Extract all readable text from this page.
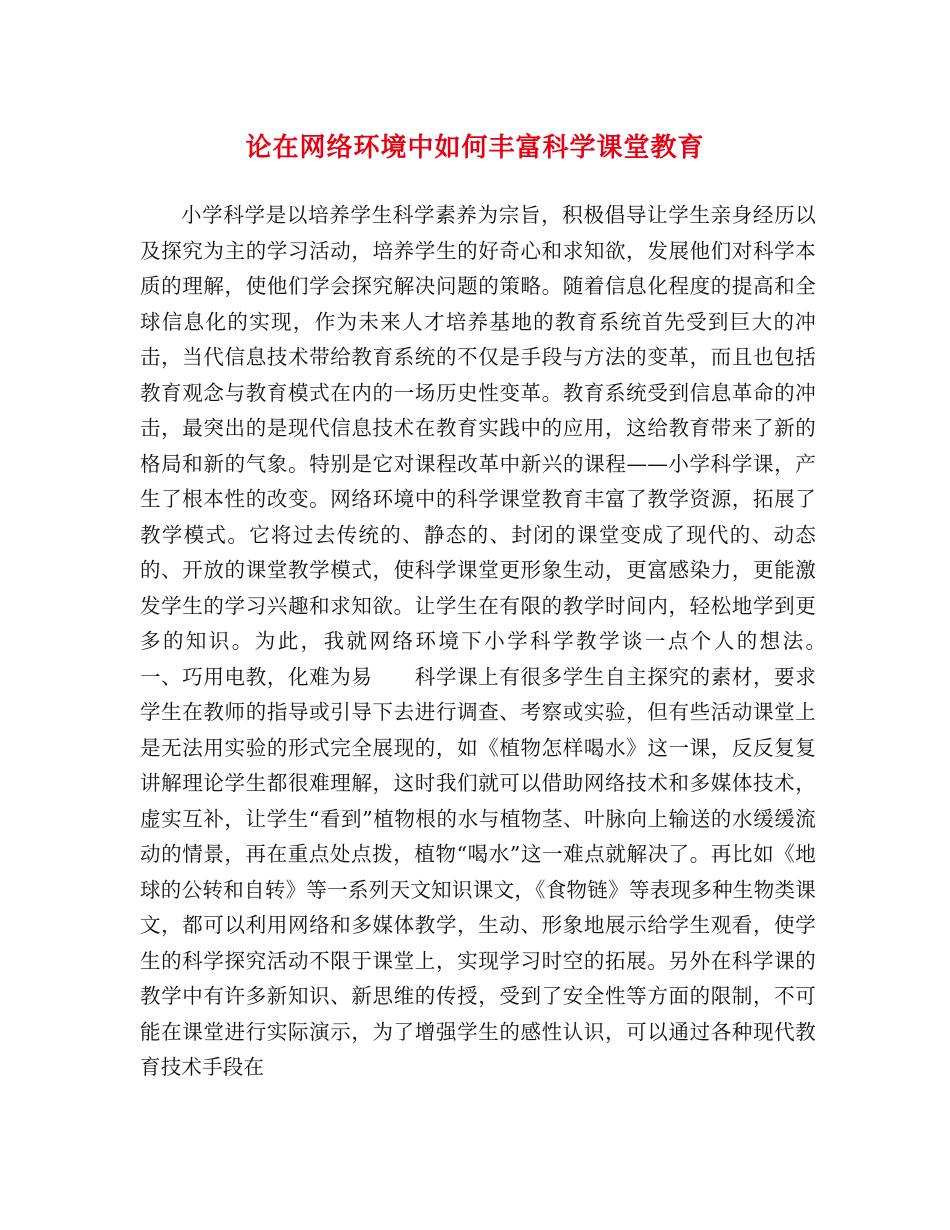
论在网络环境中如何丰富科学课堂教育

小学科学是以培养学生科学素养为宗旨，积极倡导让学生亲身经历以及探究为主的学习活动，培养学生的好奇心和求知欲，发展他们对科学本质的理解，使他们学会探究解决问题的策略。随着信息化程度的提高和全球信息化的实现，作为未来人才培养基地的教育系统首先受到巨大的冲击，当代信息技术带给教育系统的不仅是手段与方法的变革，而且也包括教育观念与教育模式在内的一场历史性变革。教育系统受到信息革命的冲击，最突出的是现代信息技术在教育实践中的应用，这给教育带来了新的格局和新的气象。特别是它对课程改革中新兴的课程——小学科学课，产生了根本性的改变。网络环境中的科学课堂教育丰富了教学资源，拓展了教学模式。它将过去传统的、静态的、封闭的课堂变成了现代的、动态的、开放的课堂教学模式，使科学课堂更形象生动，更富感染力，更能激发学生的学习兴趣和求知欲。让学生在有限的教学时间内，轻松地学到更多的知识。为此，我就网络环境下小学科学教学谈一点个人的想法。　　一、巧用电教，化难为易　　科学课上有很多学生自主探究的素材，要求学生在教师的指导或引导下去进行调查、考察或实验，但有些活动课堂上是无法用实验的形式完全展现的，如《植物怎样喝水》这一课，反反复复讲解理论学生都很难理解，这时我们就可以借助网络技术和多媒体技术，虚实互补，让学生“看到”植物根的水与植物茎、叶脉向上输送的水缓缓流动的情景，再在重点处点拨，植物“喝水”这一难点就解决了。再比如《地球的公转和自转》等一系列天文知识课文，《食物链》等表现多种生物类课文，都可以利用网络和多媒体教学，生动、形象地展示给学生观看，使学生的科学探究活动不限于课堂上，实现学习时空的拓展。另外在科学课的教学中有许多新知识、新思维的传授，受到了安全性等方面的限制，不可能在课堂进行实际演示，为了增强学生的感性认识，可以通过各种现代教育技术手段在
